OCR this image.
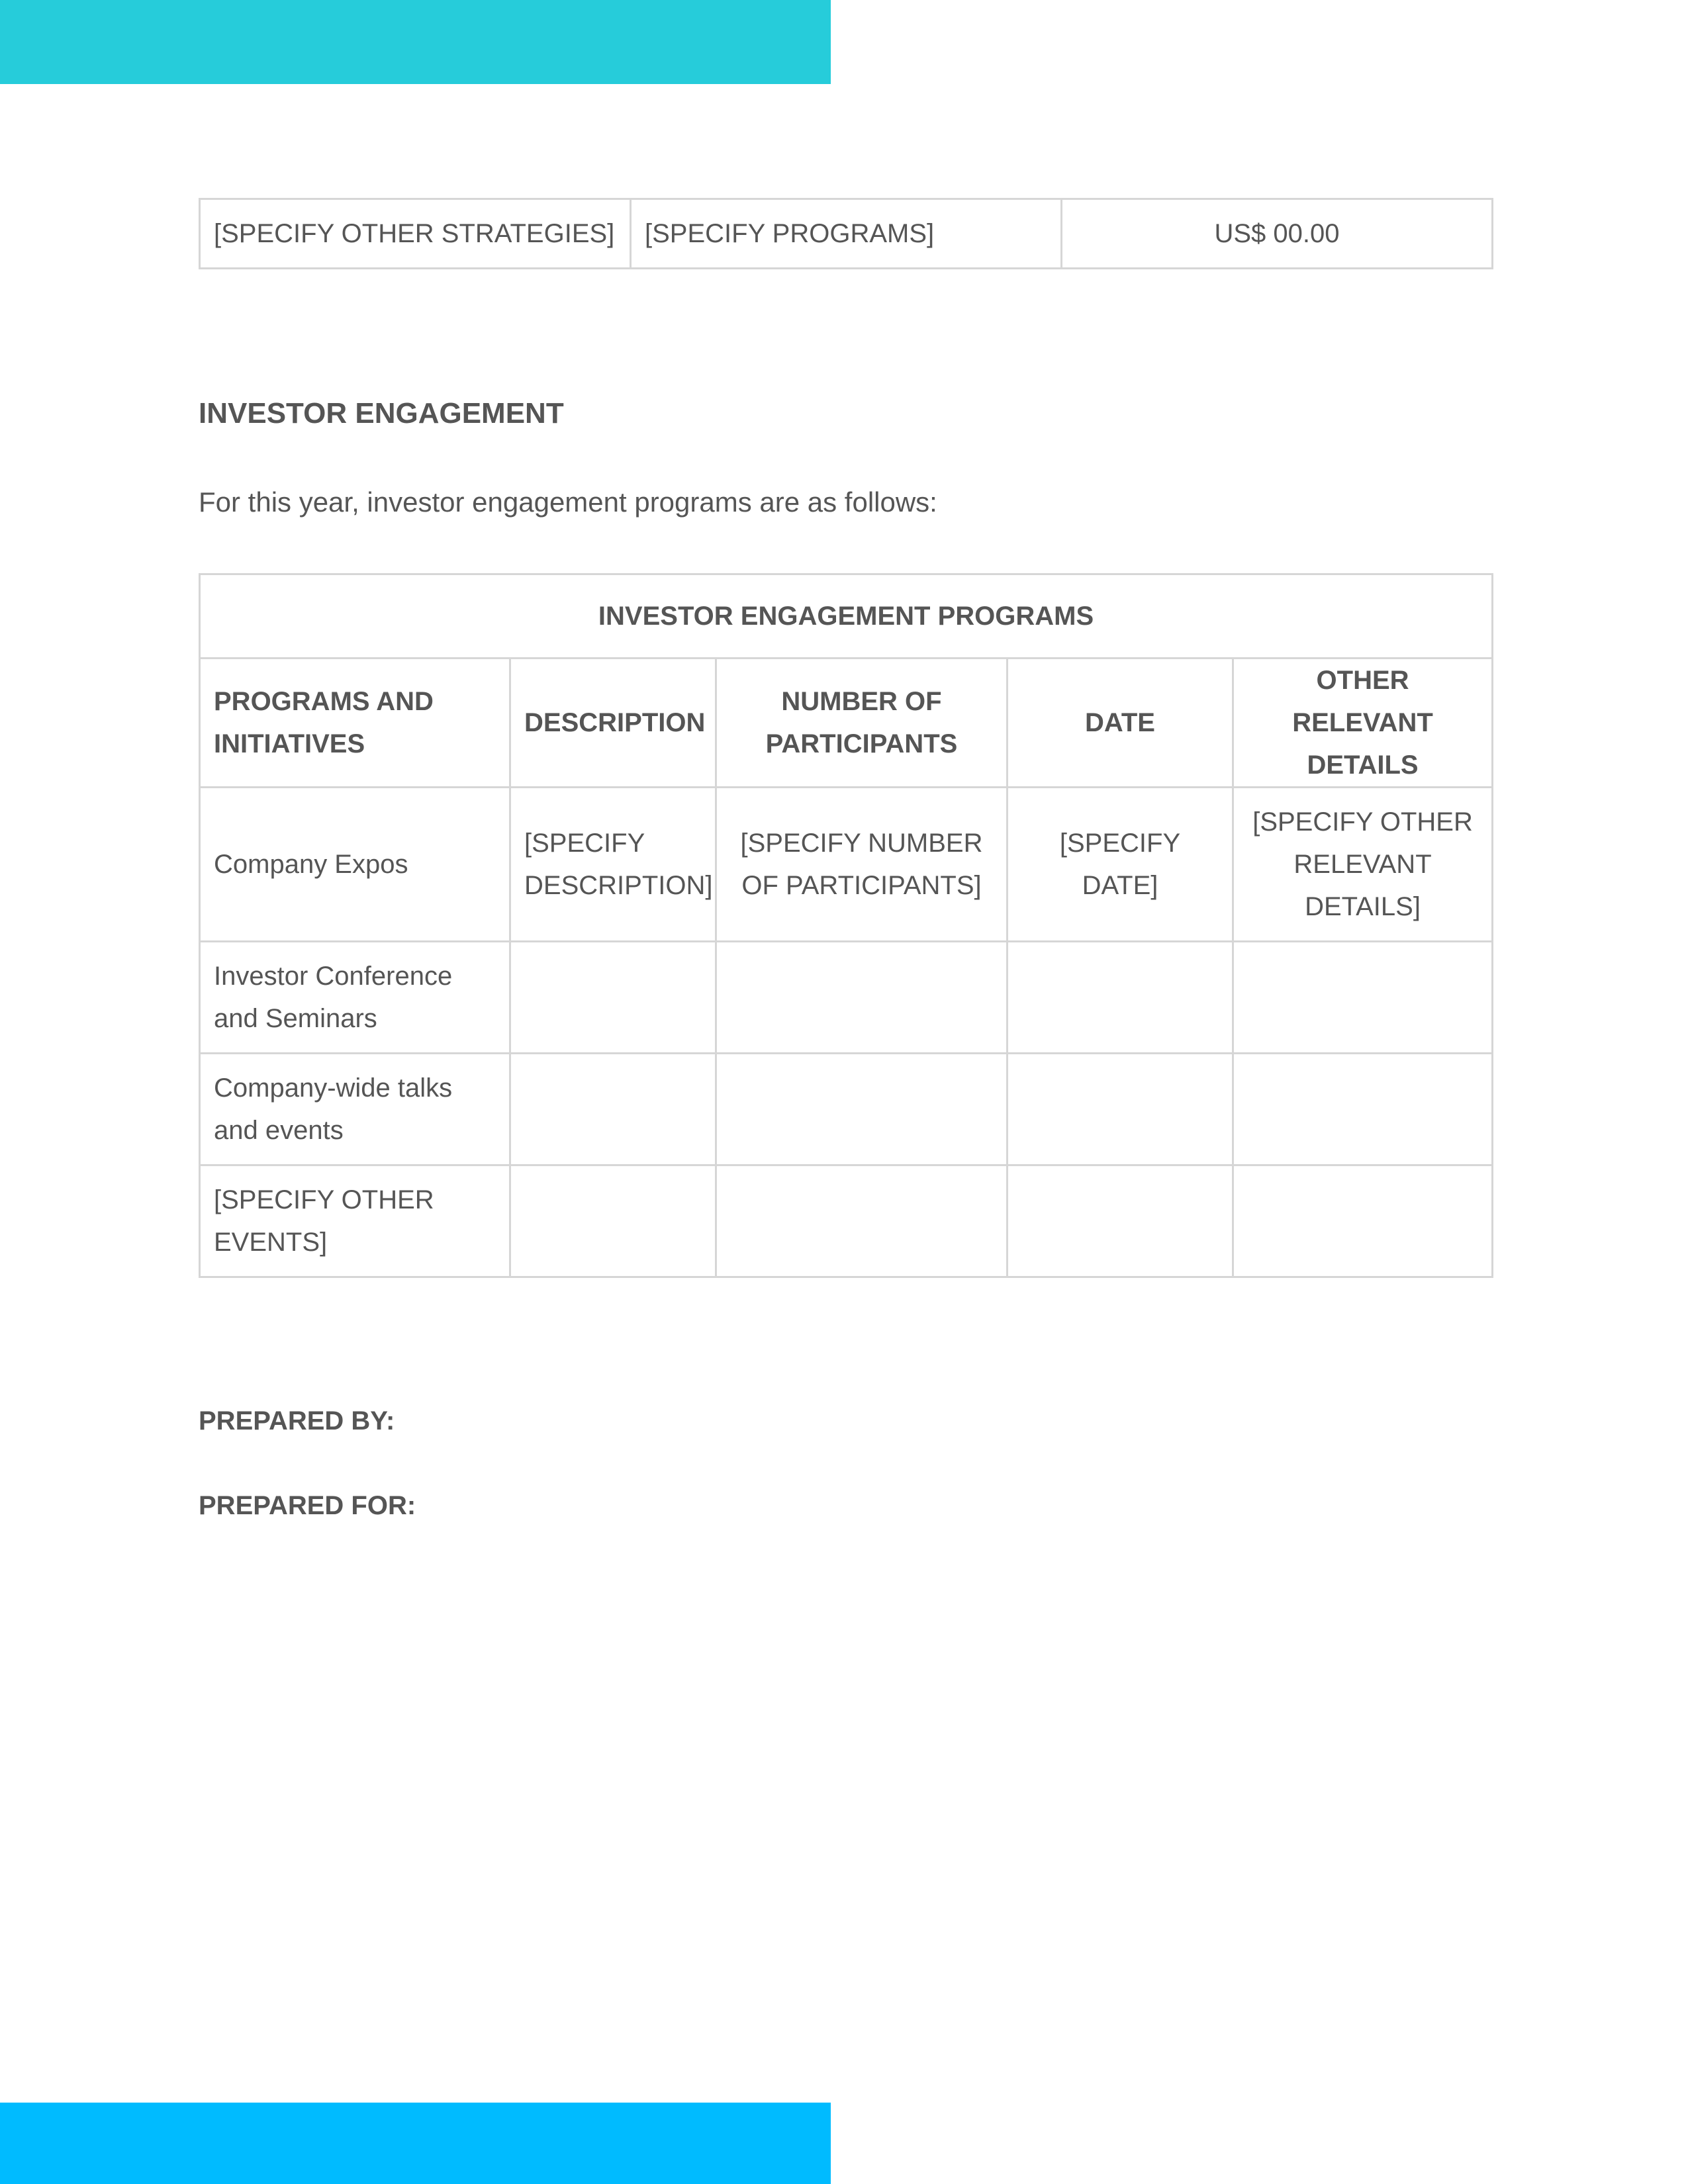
[SPECIFY OTHER STRATEGIES]	[SPECIFY PROGRAMS]	US$ 00.00
INVESTOR ENGAGEMENT

For this year, investor engagement programs are as follows:

INVESTOR ENGAGEMENT PROGRAMS				
PROGRAMS AND INITIATIVES	DESCRIPTION	NUMBER OF PARTICIPANTS	DATE	OTHER RELEVANT DETAILS
Company Expos	[SPECIFY DESCRIPTION]	[SPECIFY NUMBER OF PARTICIPANTS]	[SPECIFY DATE]	[SPECIFY OTHER RELEVANT DETAILS]
Investor Conference and Seminars				
Company-wide talks and events				
[SPECIFY OTHER EVENTS]				

PREPARED BY:

PREPARED FOR:
